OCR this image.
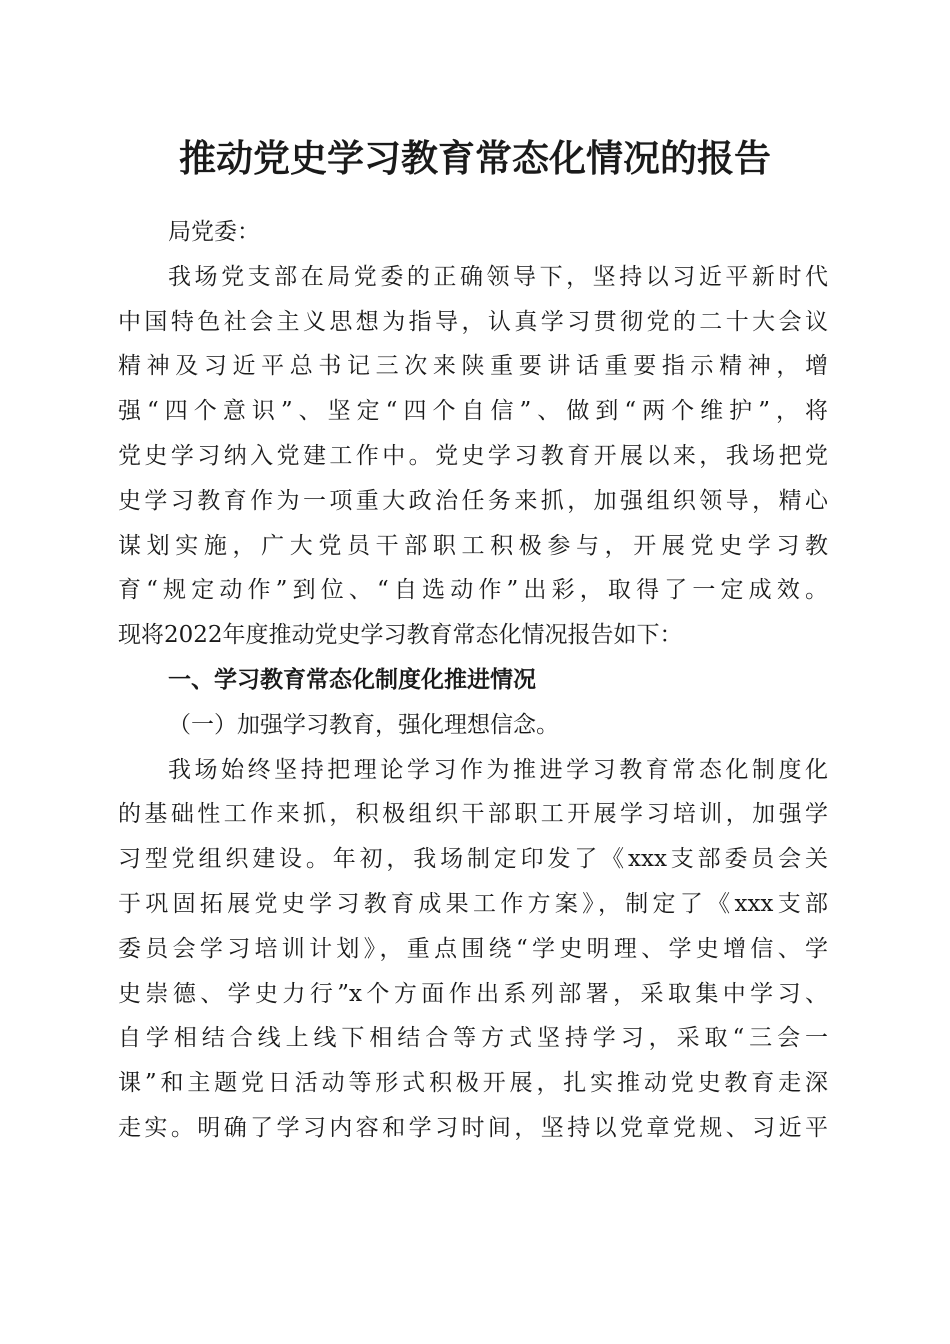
推动党史学习教育常态化情况的报告
局党委：
我场党支部在局党委的正确领导下，坚持以习近平新时代
中国特色社会主义思想为指导，认真学习贯彻党的二十大会议
精神及习近平总书记三次来陕重要讲话重要指示精神，增
强“四个意识”、坚定“四个自信”、做到“两个维护”，将
党史学习纳入党建工作中。党史学习教育开展以来，我场把党
史学习教育作为一项重大政治任务来抓，加强组织领导，精心
谋划实施，广大党员干部职工积极参与，开展党史学习教
育“规定动作”到位、“自选动作”出彩，取得了一定成效。
现将2022年度推动党史学习教育常态化情况报告如下：
一、学习教育常态化制度化推进情况
（一）加强学习教育，强化理想信念。
我场始终坚持把理论学习作为推进学习教育常态化制度化
的基础性工作来抓，积极组织干部职工开展学习培训，加强学
习型党组织建设。年初，我场制定印发了《xxx支部委员会关
于巩固拓展党史学习教育成果工作方案》，制定了《xxx支部
委员会学习培训计划》，重点围绕“学史明理、学史增信、学
史崇德、学史力行”x个方面作出系列部署，采取集中学习、
自学相结合线上线下相结合等方式坚持学习，采取“三会一
课”和主题党日活动等形式积极开展，扎实推动党史教育走深
走实。明确了学习内容和学习时间，坚持以党章党规、习近平
